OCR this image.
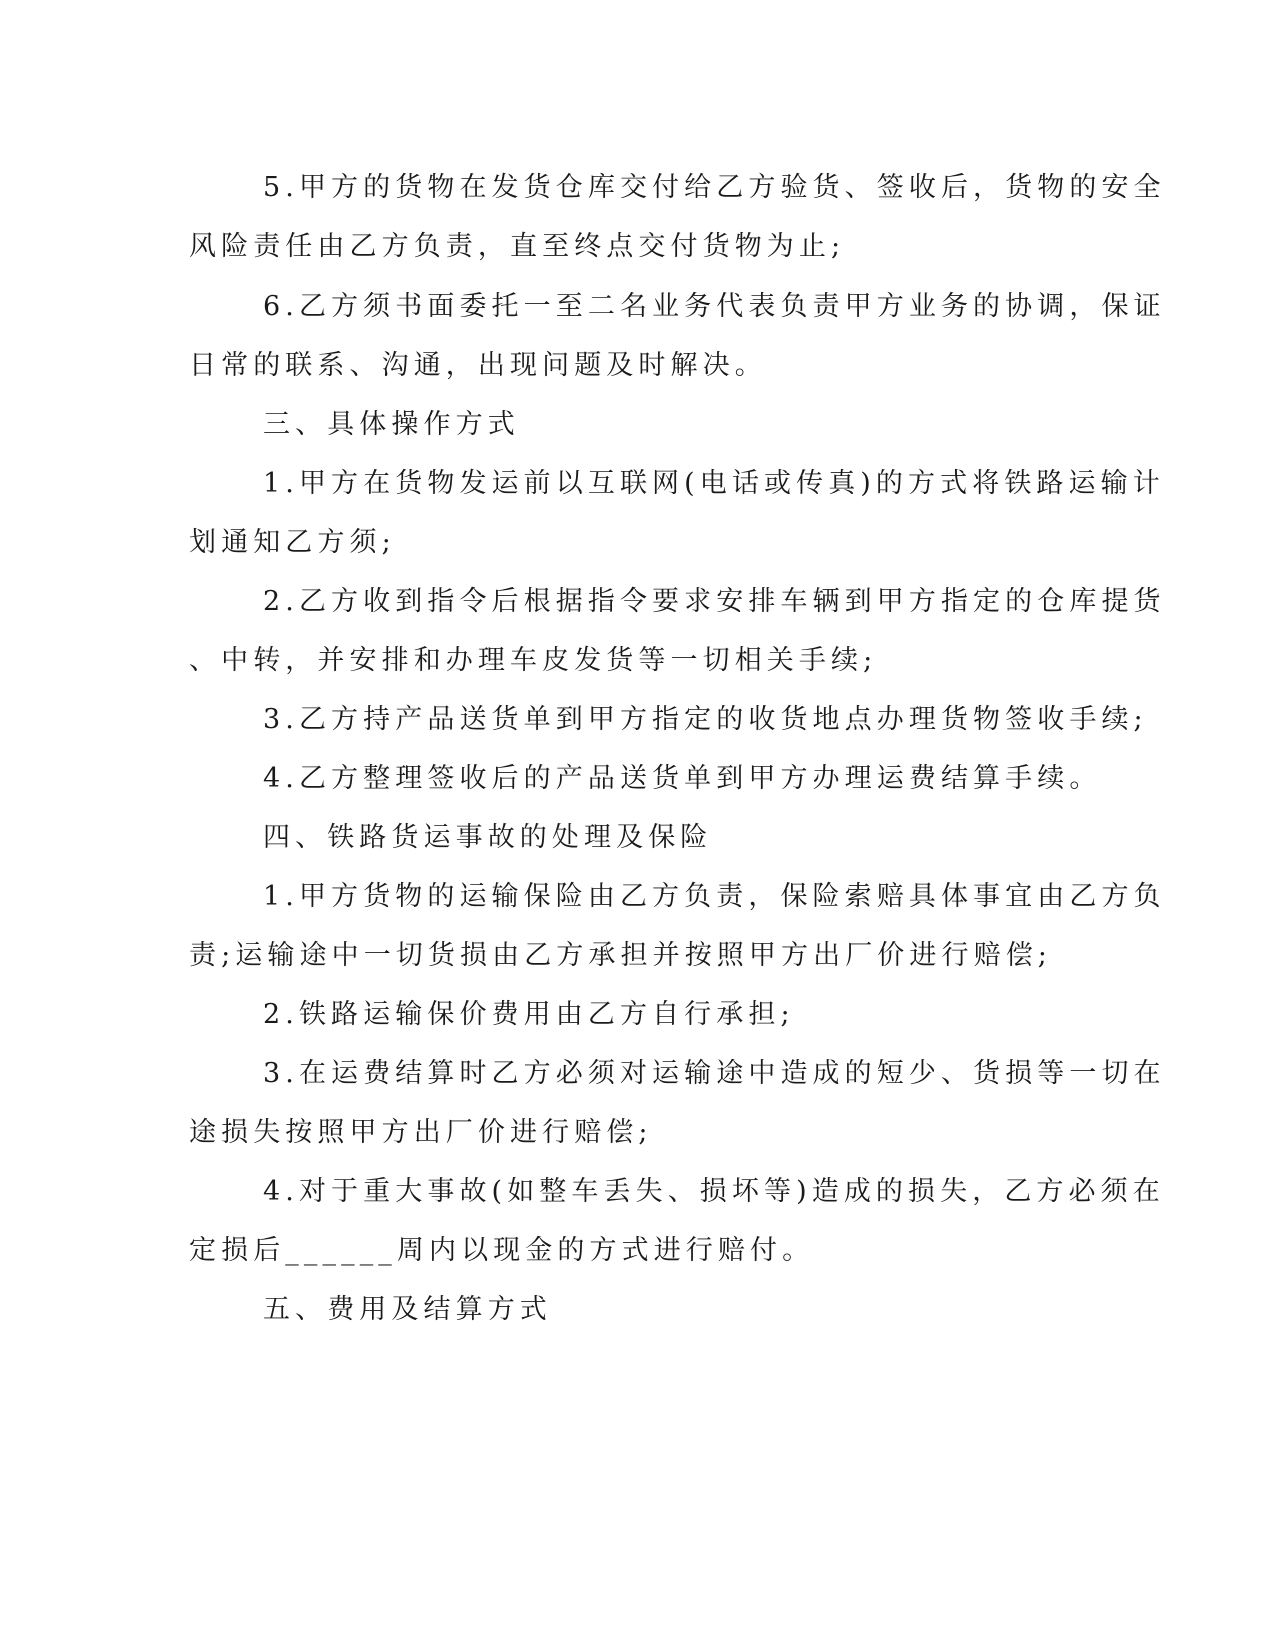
5.甲方的货物在发货仓库交付给乙方验货、签收后，货物的安全
风险责任由乙方负责，直至终点交付货物为止;
6.乙方须书面委托一至二名业务代表负责甲方业务的协调，保证
日常的联系、沟通，出现问题及时解决。
三、具体操作方式
1.甲方在货物发运前以互联网(电话或传真)的方式将铁路运输计
划通知乙方须;
2.乙方收到指令后根据指令要求安排车辆到甲方指定的仓库提货
、中转，并安排和办理车皮发货等一切相关手续;
3.乙方持产品送货单到甲方指定的收货地点办理货物签收手续;
4.乙方整理签收后的产品送货单到甲方办理运费结算手续。
四、铁路货运事故的处理及保险
1.甲方货物的运输保险由乙方负责，保险索赔具体事宜由乙方负
责;运输途中一切货损由乙方承担并按照甲方出厂价进行赔偿;
2.铁路运输保价费用由乙方自行承担;
3.在运费结算时乙方必须对运输途中造成的短少、货损等一切在
途损失按照甲方出厂价进行赔偿;
4.对于重大事故(如整车丢失、损坏等)造成的损失，乙方必须在
定损后______周内以现金的方式进行赔付。
五、费用及结算方式
